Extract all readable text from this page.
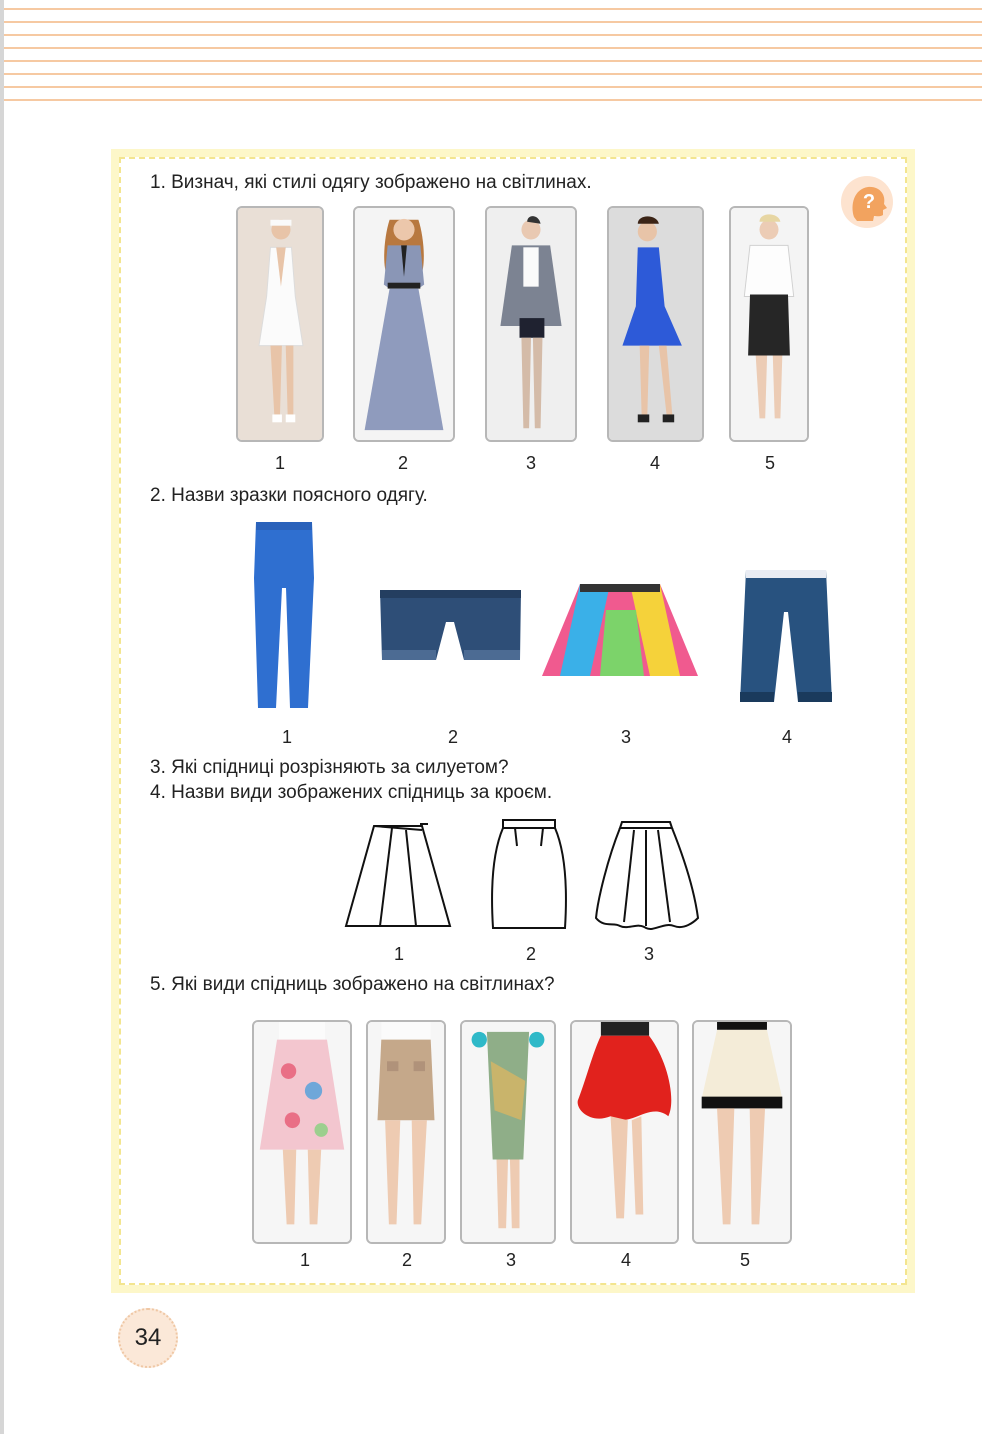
?
1. Визнач, які стилі одягу зображено на світлинах.
1	2	3	4	5
2. Назви зразки поясного одягу.
1	2	3	4
3. Які спідниці розрізняють за силуетом?
4. Назви види зображених спідниць за кроєм.
1	2	3
5. Які види спідниць зображено на світлинах?
1	2	3	4	5
34
